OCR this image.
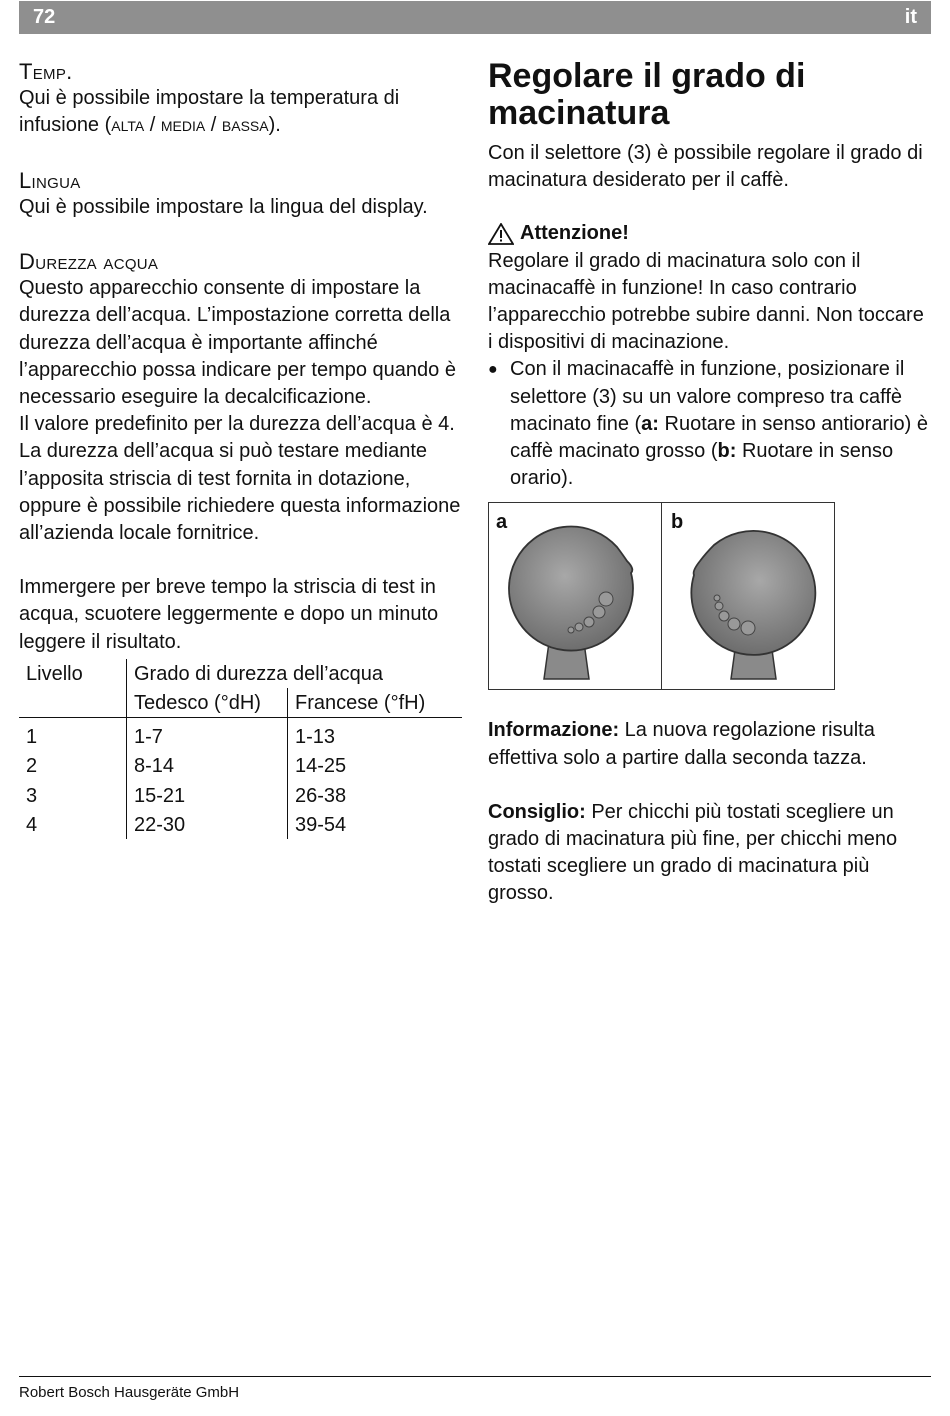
72	it

Temp.

Qui è possibile impostare la temperatura di infusione (alta / media / bassa).

Lingua

Qui è possibile impostare la lingua del display.

Durezza acqua

Questo apparecchio consente di impostare la durezza dell’acqua. L’impostazione corretta della durezza dell’acqua è importante affinché l’apparecchio possa indicare per tempo quando è necessario eseguire la decalcificazione.

Il valore predefinito per la durezza dell’acqua è 4.

La durezza dell’acqua si può testare mediante l’apposita striscia di test fornita in dotazione, oppure è possibile richiedere questa informazione all’azienda locale fornitrice.

Immergere per breve tempo la striscia di test in acqua, scuotere leggermente e dopo un minuto leggere il risultato.

Livello	Grado di durezza dell’acqua	
	Tedesco (°dH)	Francese (°fH)
1	1-7	1-13
2	8-14	14-25
3	15-21	26-38
4	22-30	39-54
Regolare il grado di macinatura

Con il selettore (3) è possibile regolare il grado di macinatura desiderato per il caffè.

Attenzione!

Regolare il grado di macinatura solo con il macinacaffè in funzione! In caso contrario l’apparecchio potrebbe subire danni. Non toccare i dispositivi di macinazione.

● Con il macinacaffè in funzione, posizionare il selettore (3) su un valore compreso tra caffè macinato fine (a: Ruotare in senso antiorario) è caffè macinato grosso (b: Ruotare in senso orario).

a	b

Informazione: La nuova regolazione risulta effettiva solo a partire dalla seconda tazza.

Consiglio: Per chicchi più tostati scegliere un grado di macinatura più fine, per chicchi meno tostati scegliere un grado di macinatura più grosso.

Robert Bosch Hausgeräte GmbH
